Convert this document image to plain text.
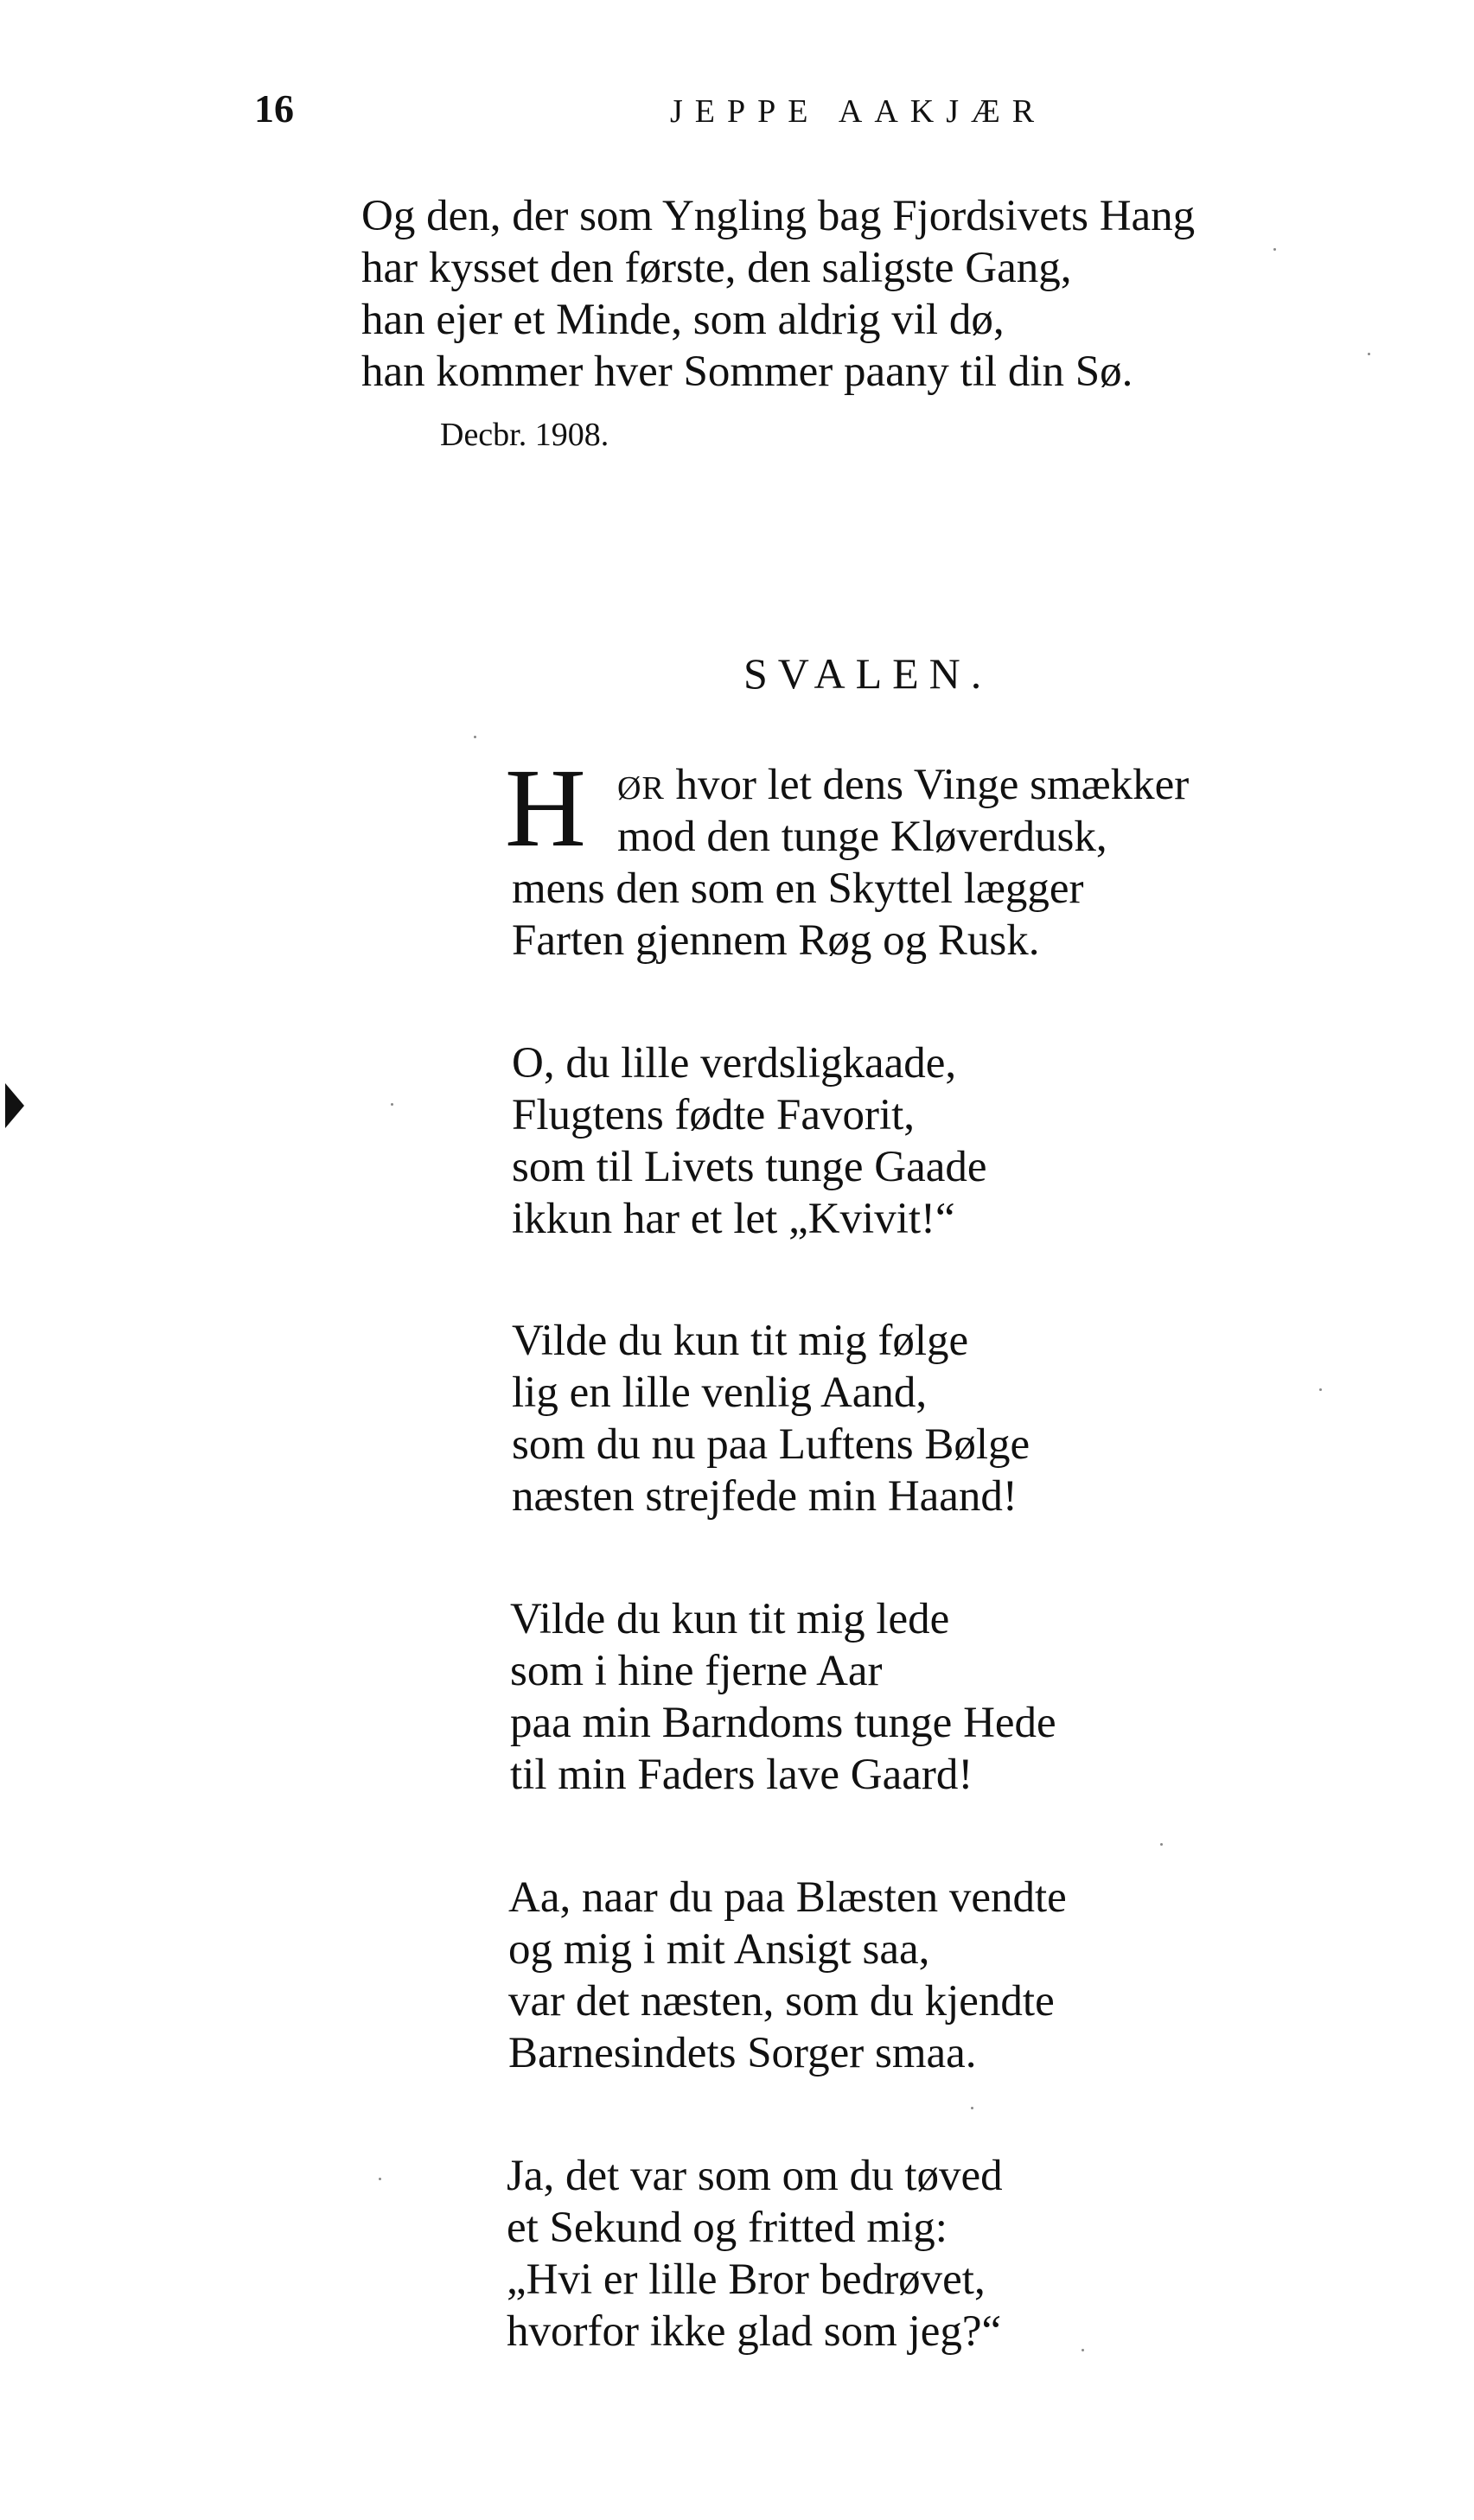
16	JEPPE AAKJÆR
Og den, der som Yngling bag Fjordsivets Hang
har kysset den første, den saligste Gang,
han ejer et Minde, som aldrig vil dø,
han kommer hver Sommer paany til din Sø.
Decbr. 1908.
SVALEN.
H ØR hvor let dens Vinge smækker
mod den tunge Kløverdusk,
mens den som en Skyttel lægger
Farten gjennem Røg og Rusk.
O, du lille verdsligkaade,
Flugtens fødte Favorit,
som til Livets tunge Gaade
ikkun har et let „Kvivit!“
Vilde du kun tit mig følge
lig en lille venlig Aand,
som du nu paa Luftens Bølge
næsten strejfede min Haand!
Vilde du kun tit mig lede
som i hine fjerne Aar
paa min Barndoms tunge Hede
til min Faders lave Gaard!
Aa, naar du paa Blæsten vendte
og mig i mit Ansigt saa,
var det næsten, som du kjendte
Barnesindets Sorger smaa.
Ja, det var som om du tøved
et Sekund og fritted mig:
„Hvi er lille Bror bedrøvet,
hvorfor ikke glad som jeg?“
